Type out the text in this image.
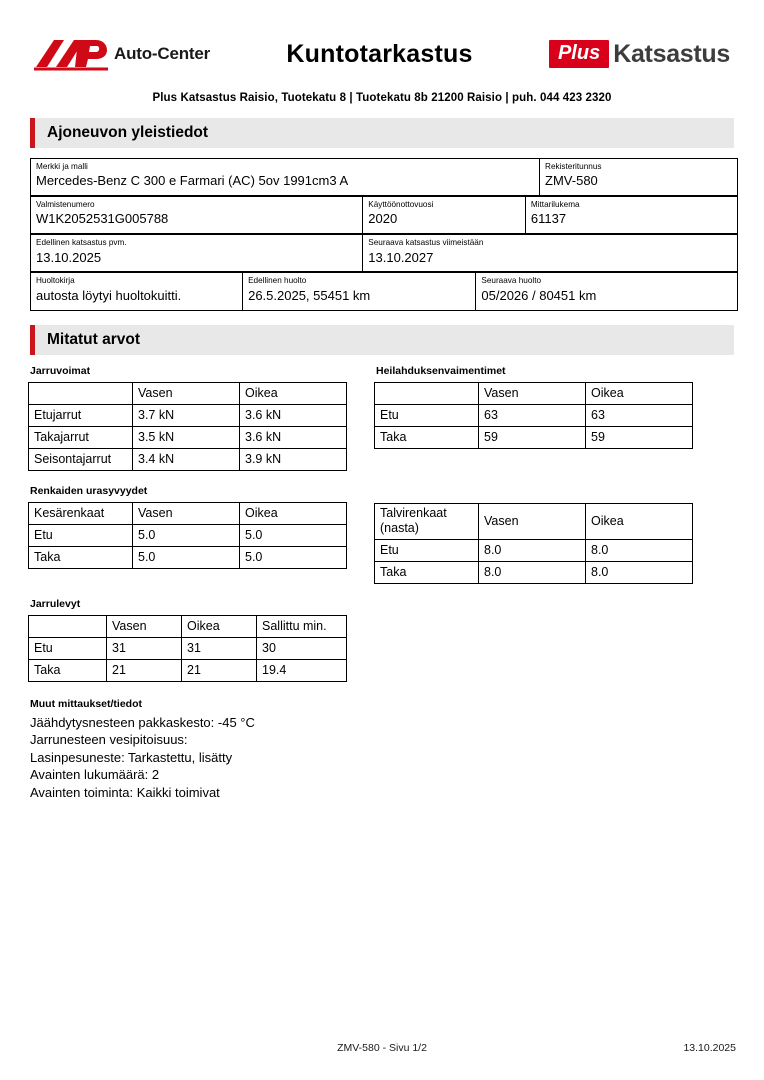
Auto-Center	Kuntotarkastus	Plus Katsastus
Plus Katsastus Raisio, Tuotekatu 8 | Tuotekatu 8b 21200 Raisio | puh. 044 423 2320
Ajoneuvon yleistiedot
Merkki ja malli
Mercedes-Benz C 300 e Farmari (AC) 5ov 1991cm3 A

Rekisteritunnus
ZMV-580
Valmistenumero
W1K2052531G005788

Käyttöönottovuosi
2020

Mittarilukema
61137
Edellinen katsastus pvm.
13.10.2025

Seuraava katsastus viimeistään
13.10.2027
Huoltokirja
autosta löytyi huoltokuitti.

Edellinen huolto
26.5.2025, 55451 km

Seuraava huolto
05/2026 / 80451 km
Mitatut arvot
Jarruvoimat
	Vasen	Oikea
Etujarrut	3.7 kN	3.6 kN
Takajarrut	3.5 kN	3.6 kN
Seisontajarrut	3.4 kN	3.9 kN
Heilahduksenvaimentimet
	Vasen	Oikea
Etu	63	63
Taka	59	59
Renkaiden urasyvyydet
Kesärenkaat	Vasen	Oikea
Etu	5.0	5.0
Taka	5.0	5.0
Talvirenkaat (nasta)	Vasen	Oikea
Etu	8.0	8.0
Taka	8.0	8.0
Jarrulevyt
	Vasen	Oikea	Sallittu min.
Etu	31	31	30
Taka	21	21	19.4
Muut mittaukset/tiedot
Jäähdytysnesteen pakkaskesto: -45 °C
Jarrunesteen vesipitoisuus:
Lasinpesuneste: Tarkastettu, lisätty
Avainten lukumäärä: 2
Avainten toiminta: Kaikki toimivat
ZMV-580 - Sivu 1/2	13.10.2025
